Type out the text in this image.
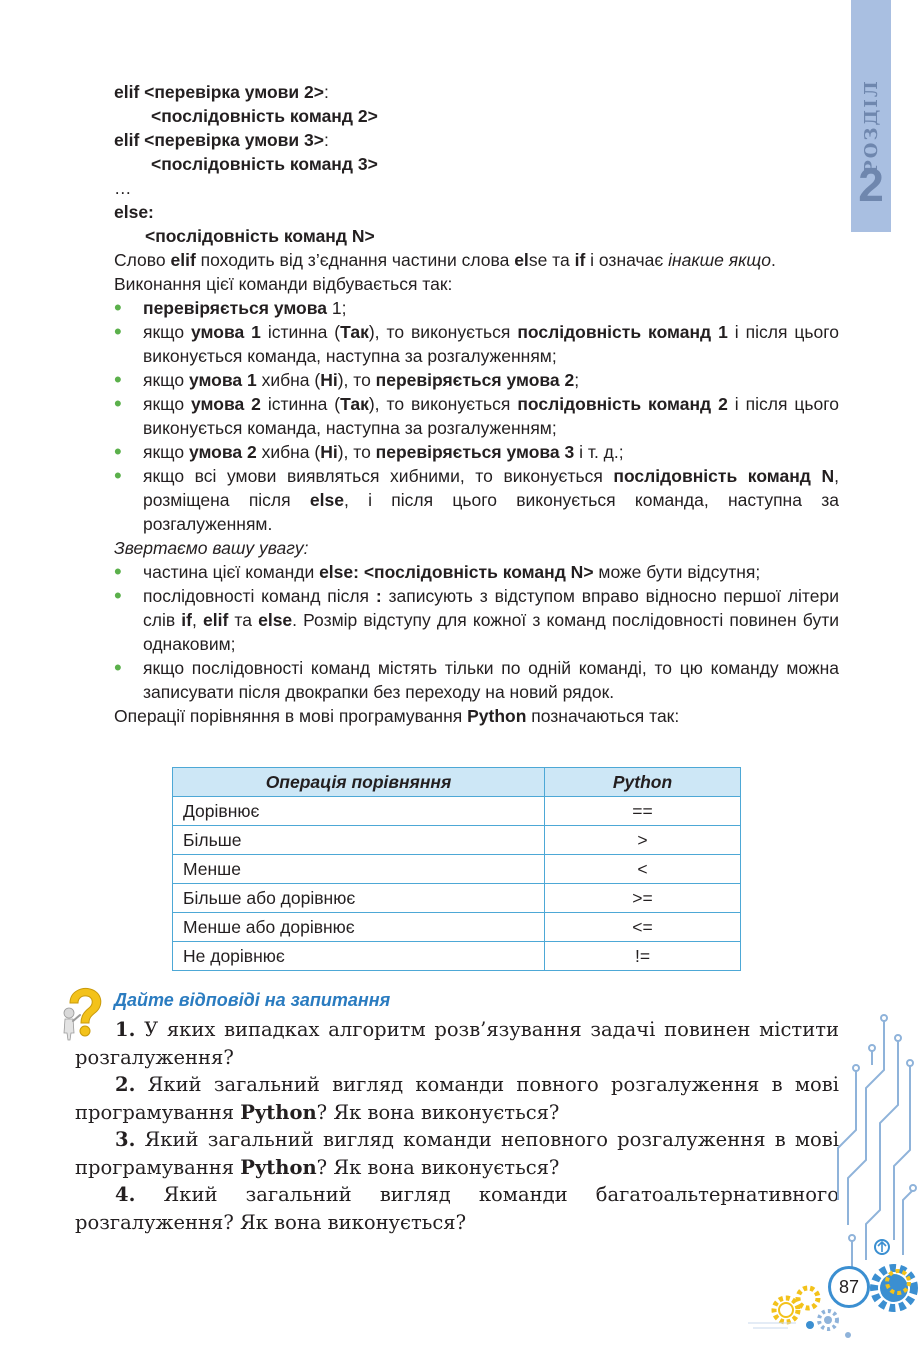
РОЗДІЛ
2
elif <перевірка умови 2>:
<послідовність команд 2>
elif <перевірка умови 3>:
<послідовність команд 3>
…
else:
<послідовність команд N>
Слово elif походить від з’єднання частини слова else та if і означає інакше якщо.
Виконання цієї команди відбувається так:
• перевіряється умова 1;
• якщо умова 1 істинна (Так), то виконується послідовність команд 1 і після цього виконується команда, наступна за розгалуженням;
• якщо умова 1 хибна (Ні), то перевіряється умова 2;
• якщо умова 2 істинна (Так), то виконується послідовність команд 2 і після цього виконується команда, наступна за розгалуженням;
• якщо умова 2 хибна (Ні), то перевіряється умова 3 і т. д.;
• якщо всі умови виявляться хибними, то виконується послідовність команд N, розміщена після else, і після цього виконується команда, наступна за розгалуженням.
Звертаємо вашу увагу:
• частина цієї команди else: <послідовність команд N> може бути відсутня;
• послідовності команд після : записують з відступом вправо відносно першої літери слів if, elif та else. Розмір відступу для кожної з команд послідовності повинен бути однаковим;
• якщо послідовності команд містять тільки по одній команді, то цю команду можна записувати після двокрапки без переходу на новий рядок.
Операції порівняння в мові програмування Python позначаються так:
Операція порівняння	Python
Дорівнює	==
Більше	>
Менше	<
Більше або дорівнює	>=
Менше або дорівнює	<=
Не дорівнює	!=
Дайте відповіді на запитання

1. У яких випадках алгоритм розв’язування задачі повинен містити розгалуження?

2. Який загальний вигляд команди повного розгалуження в мові програмування Python? Як вона виконується?

3. Який загальний вигляд команди неповного розгалуження в мові програмування Python? Як вона виконується?

4. Який загальний вигляд команди багатоальтернативного розгалуження? Як вона виконується?

87
